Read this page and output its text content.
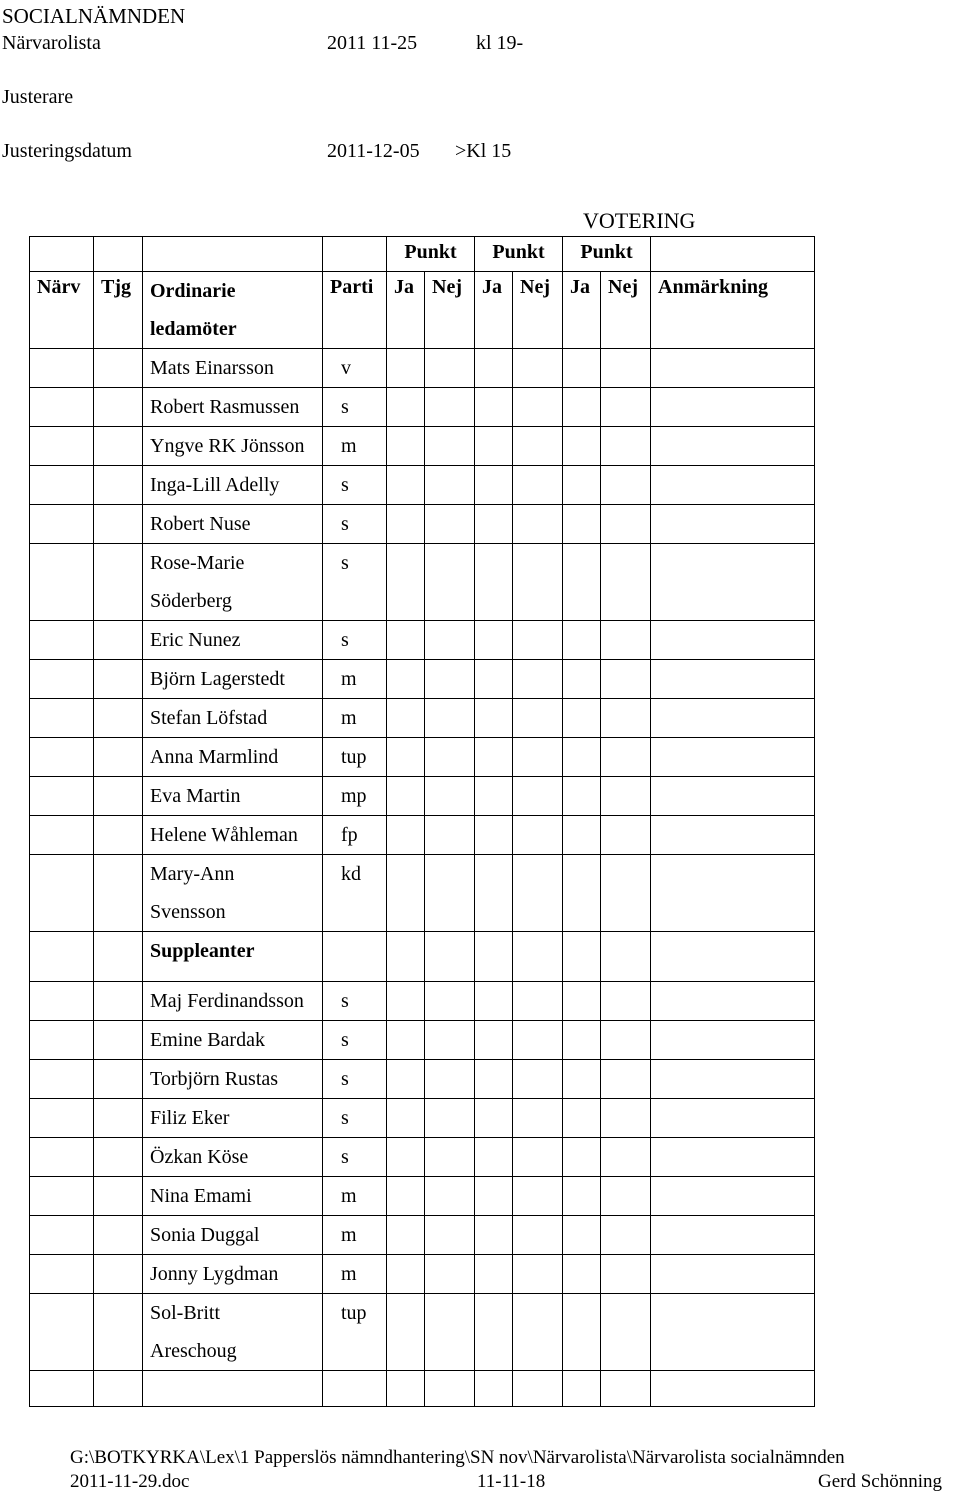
SOCIALNÄMNDEN
Närvarolista	2011 11-25	kl 19-
Justerare
Justeringsdatum	2011-12-05 >Kl 15
VOTERING
				Punkt		Punkt		Punkt		
Närv	Tjg	Ordinarie
ledamöter	Parti	Ja	Nej	Ja	Nej	Ja	Nej	Anmärkning

		Mats Einarsson	v							

		Robert Rasmussen	s							

		Yngve RK Jönsson	m							

		Inga-Lill Adelly	s							

		Robert Nuse	s							

		Rose-Marie
Söderberg	s							

		Eric Nunez	s							

		Björn Lagerstedt	m							

		Stefan Löfstad	m							

		Anna Marmlind	tup							

		Eva Martin	mp							

		Helene Wåhleman	fp							

		Mary-Ann
Svensson	kd							
		Suppleanter								

		Maj Ferdinandsson	s							

		Emine Bardak	s							

		Torbjörn Rustas	s							

		Filiz Eker	s							

		Özkan Köse	s							

		Nina Emami	m							

		Sonia Duggal	m							

		Jonny Lygdman	m							

		Sol-Britt
Areschoug	tup							

G:\BOTKYRKA\Lex\1 Papperslös nämndhantering\SN nov\Närvarolista\Närvarolista socialnämnden
2011-11-29.doc	11-11-18	Gerd Schönning
